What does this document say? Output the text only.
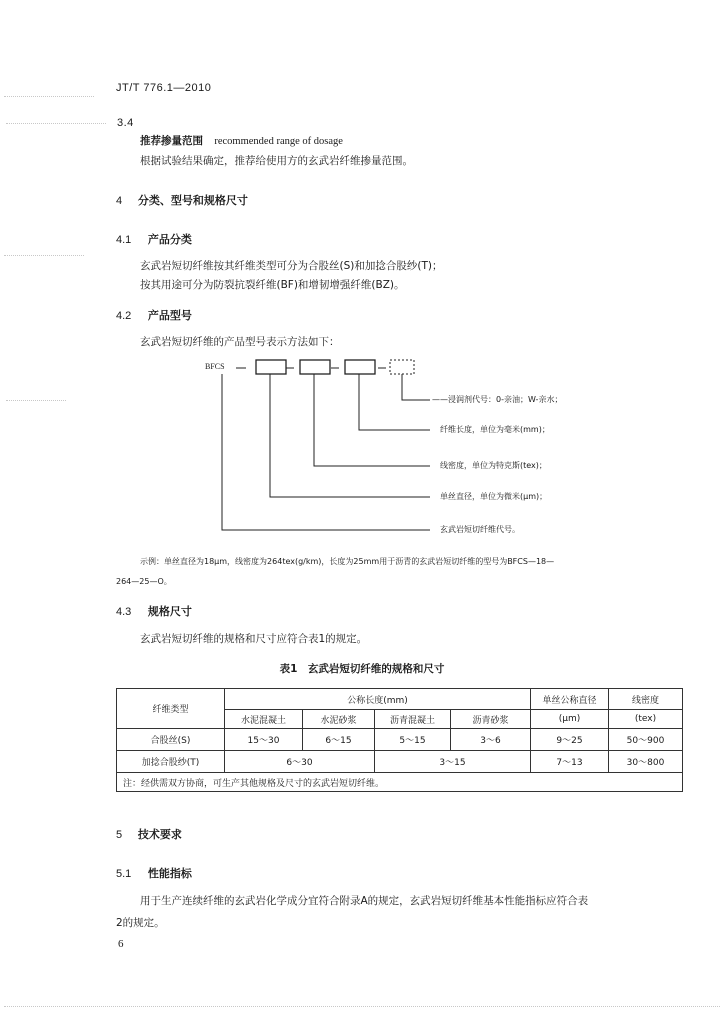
JT/T 776.1—2010
3.4
推荐掺量范围 recommended range of dosage
根据试验结果确定，推荐给使用方的玄武岩纤维掺量范围。
4 分类、型号和规格尺寸
4.1 产品分类
玄武岩短切纤维按其纤维类型可分为合股丝(S)和加捻合股纱(T)；
按其用途可分为防裂抗裂纤维(BF)和增韧增强纤维(BZ)。
4.2 产品型号
玄武岩短切纤维的产品型号表示方法如下：
BFCS
——浸润剂代号：0-亲油；W-亲水；
纤维长度，单位为毫米(mm)；
线密度，单位为特克斯(tex)；
单丝直径，单位为微米(μm)；
玄武岩短切纤维代号。
示例：单丝直径为18μm，线密度为264tex(g/km)，长度为25mm用于沥青的玄武岩短切纤维的型号为BFCS—18—
264—25—O。
4.3 规格尺寸
玄武岩短切纤维的规格和尺寸应符合表1的规定。
表1　玄武岩短切纤维的规格和尺寸
纤维类型	公称长度(mm)				单丝公称直径	线密度
	水泥混凝土	水泥砂浆	沥青混凝土	沥青砂浆	(μm)	(tex)
合股丝(S)	15～30	6～15	5～15	3～6	9～25	50～900
加捻合股纱(T)	6～30		3～15		7～13	30～800
注：经供需双方协商，可生产其他规格及尺寸的玄武岩短切纤维。						
5 技术要求
5.1 性能指标
用于生产连续纤维的玄武岩化学成分宜符合附录A的规定，玄武岩短切纤维基本性能指标应符合表
2的规定。
6
